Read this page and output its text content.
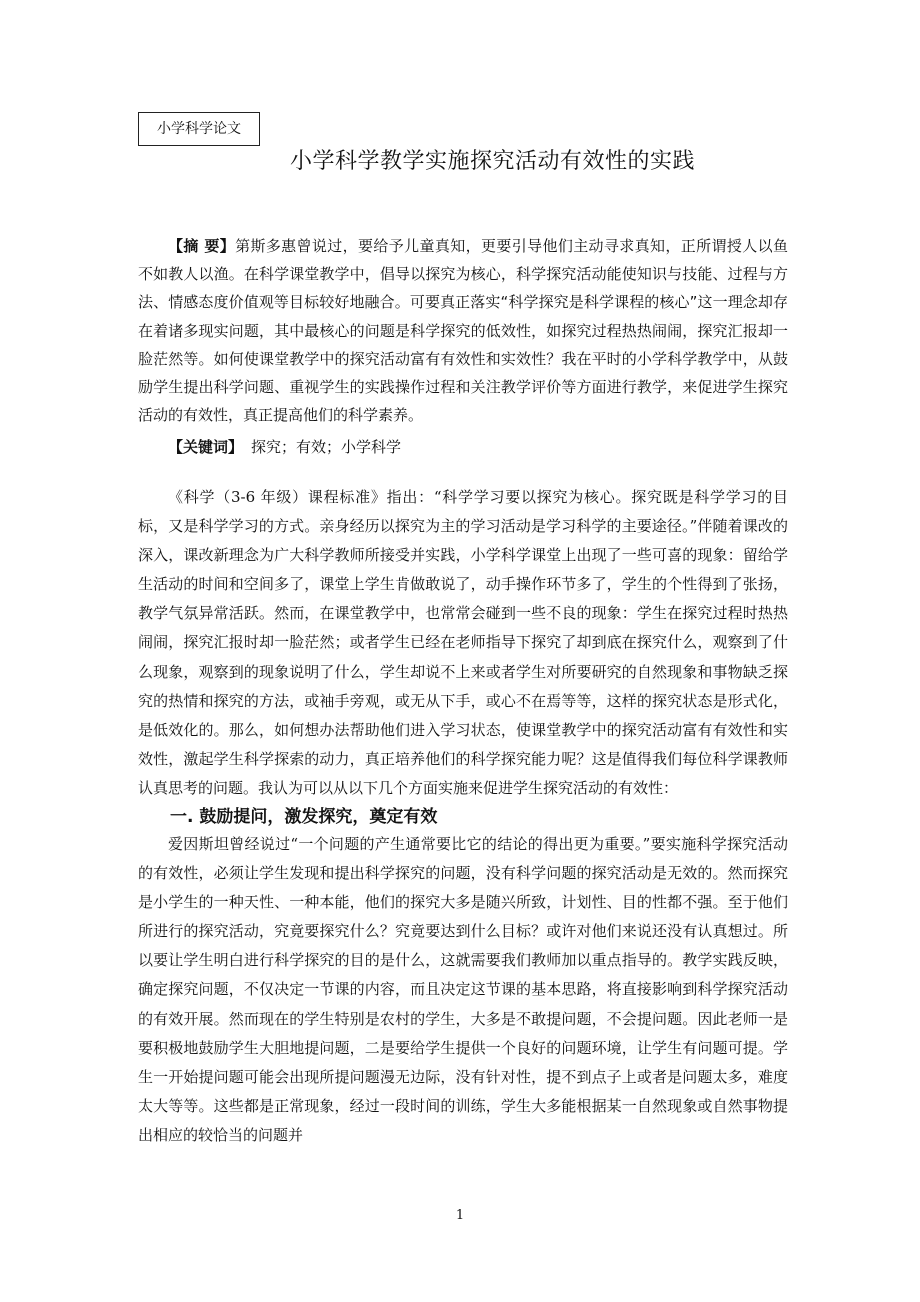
小学科学论文
小学科学教学实施探究活动有效性的实践

【摘 要】第斯多惠曾说过，要给予儿童真知，更要引导他们主动寻求真知，正所谓授人以鱼不如教人以渔。在科学课堂教学中，倡导以探究为核心，科学探究活动能使知识与技能、过程与方法、情感态度价值观等目标较好地融合。可要真正落实“科学探究是科学课程的核心”这一理念却存在着诸多现实问题，其中最核心的问题是科学探究的低效性，如探究过程热热闹闹，探究汇报却一脸茫然等。如何使课堂教学中的探究活动富有有效性和实效性？我在平时的小学科学教学中，从鼓励学生提出科学问题、重视学生的实践操作过程和关注教学评价等方面进行教学，来促进学生探究活动的有效性，真正提高他们的科学素养。

【关键词】 探究；有效；小学科学

《科学（3-6 年级）课程标准》指出：“科学学习要以探究为核心。探究既是科学学习的目标，又是科学学习的方式。亲身经历以探究为主的学习活动是学习科学的主要途径。”伴随着课改的深入，课改新理念为广大科学教师所接受并实践，小学科学课堂上出现了一些可喜的现象：留给学生活动的时间和空间多了，课堂上学生肯做敢说了，动手操作环节多了，学生的个性得到了张扬，教学气氛异常活跃。然而，在课堂教学中，也常常会碰到一些不良的现象：学生在探究过程时热热闹闹，探究汇报时却一脸茫然；或者学生已经在老师指导下探究了却到底在探究什么，观察到了什么现象，观察到的现象说明了什么，学生却说不上来或者学生对所要研究的自然现象和事物缺乏探究的热情和探究的方法，或袖手旁观，或无从下手，或心不在焉等等，这样的探究状态是形式化，是低效化的。那么，如何想办法帮助他们进入学习状态，使课堂教学中的探究活动富有有效性和实效性，激起学生科学探索的动力，真正培养他们的科学探究能力呢？这是值得我们每位科学课教师认真思考的问题。我认为可以从以下几个方面实施来促进学生探究活动的有效性：

一. 鼓励提问，激发探究，奠定有效

爱因斯坦曾经说过“一个问题的产生通常要比它的结论的得出更为重要。”要实施科学探究活动的有效性，必须让学生发现和提出科学探究的问题，没有科学问题的探究活动是无效的。然而探究是小学生的一种天性、一种本能，他们的探究大多是随兴所致，计划性、目的性都不强。至于他们所进行的探究活动，究竟要探究什么？究竟要达到什么目标？或许对他们来说还没有认真想过。所以要让学生明白进行科学探究的目的是什么，这就需要我们教师加以重点指导的。教学实践反映，确定探究问题，不仅决定一节课的内容，而且决定这节课的基本思路，将直接影响到科学探究活动的有效开展。然而现在的学生特别是农村的学生，大多是不敢提问题，不会提问题。因此老师一是要积极地鼓励学生大胆地提问题，二是要给学生提供一个良好的问题环境，让学生有问题可提。学生一开始提问题可能会出现所提问题漫无边际，没有针对性，提不到点子上或者是问题太多，难度太大等等。这些都是正常现象，经过一段时间的训练，学生大多能根据某一自然现象或自然事物提出相应的较恰当的问题并

1
